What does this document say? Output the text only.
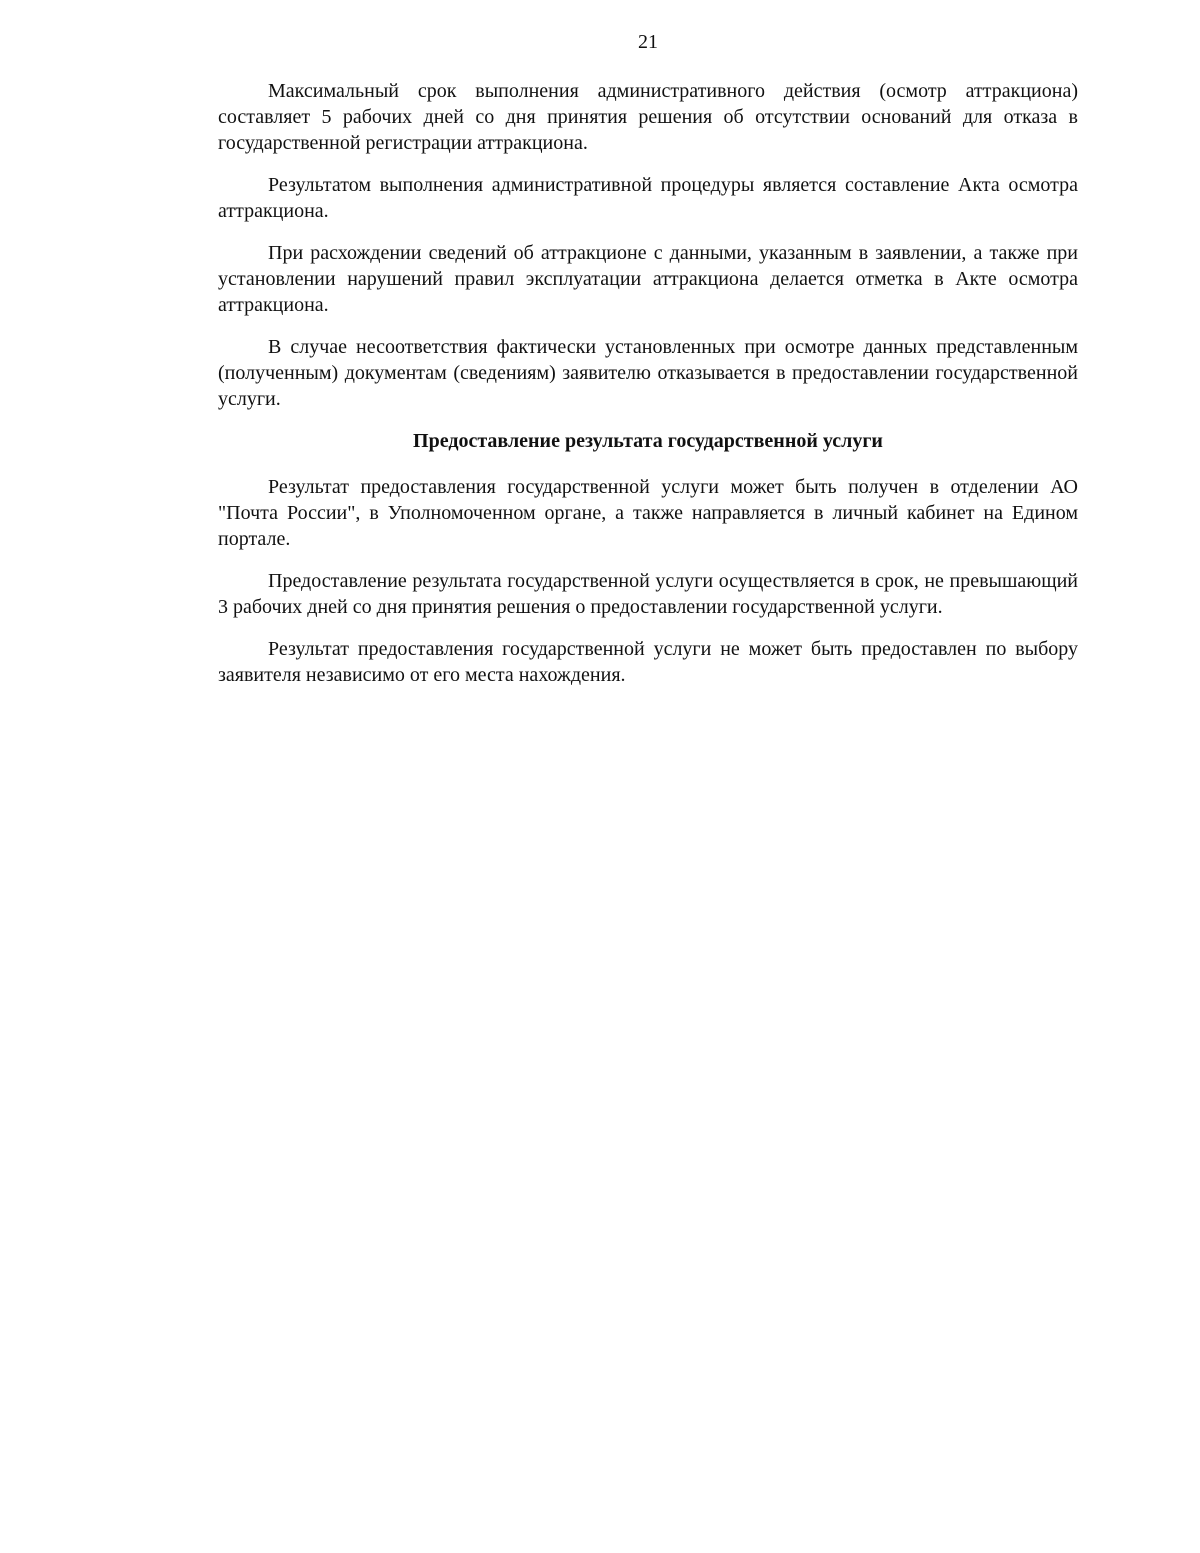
21

Максимальный срок выполнения административного действия (осмотр аттракциона) составляет 5 рабочих дней со дня принятия решения об отсутствии оснований для отказа в государственной регистрации аттракциона.

Результатом выполнения административной процедуры является составление Акта осмотра аттракциона.

При расхождении сведений об аттракционе с данными, указанным в заявлении, а также при установлении нарушений правил эксплуатации аттракциона делается отметка в Акте осмотра аттракциона.

В случае несоответствия фактически установленных при осмотре данных представленным (полученным) документам (сведениям) заявителю отказывается в предоставлении государственной услуги.

Предоставление результата государственной услуги

Результат предоставления государственной услуги может быть получен в отделении АО "Почта России", в Уполномоченном органе, а также направляется в личный кабинет на Едином портале.

Предоставление результата государственной услуги осуществляется в срок, не превышающий 3 рабочих дней со дня принятия решения о предоставлении государственной услуги.

Результат предоставления государственной услуги не может быть предоставлен по выбору заявителя независимо от его места нахождения.
